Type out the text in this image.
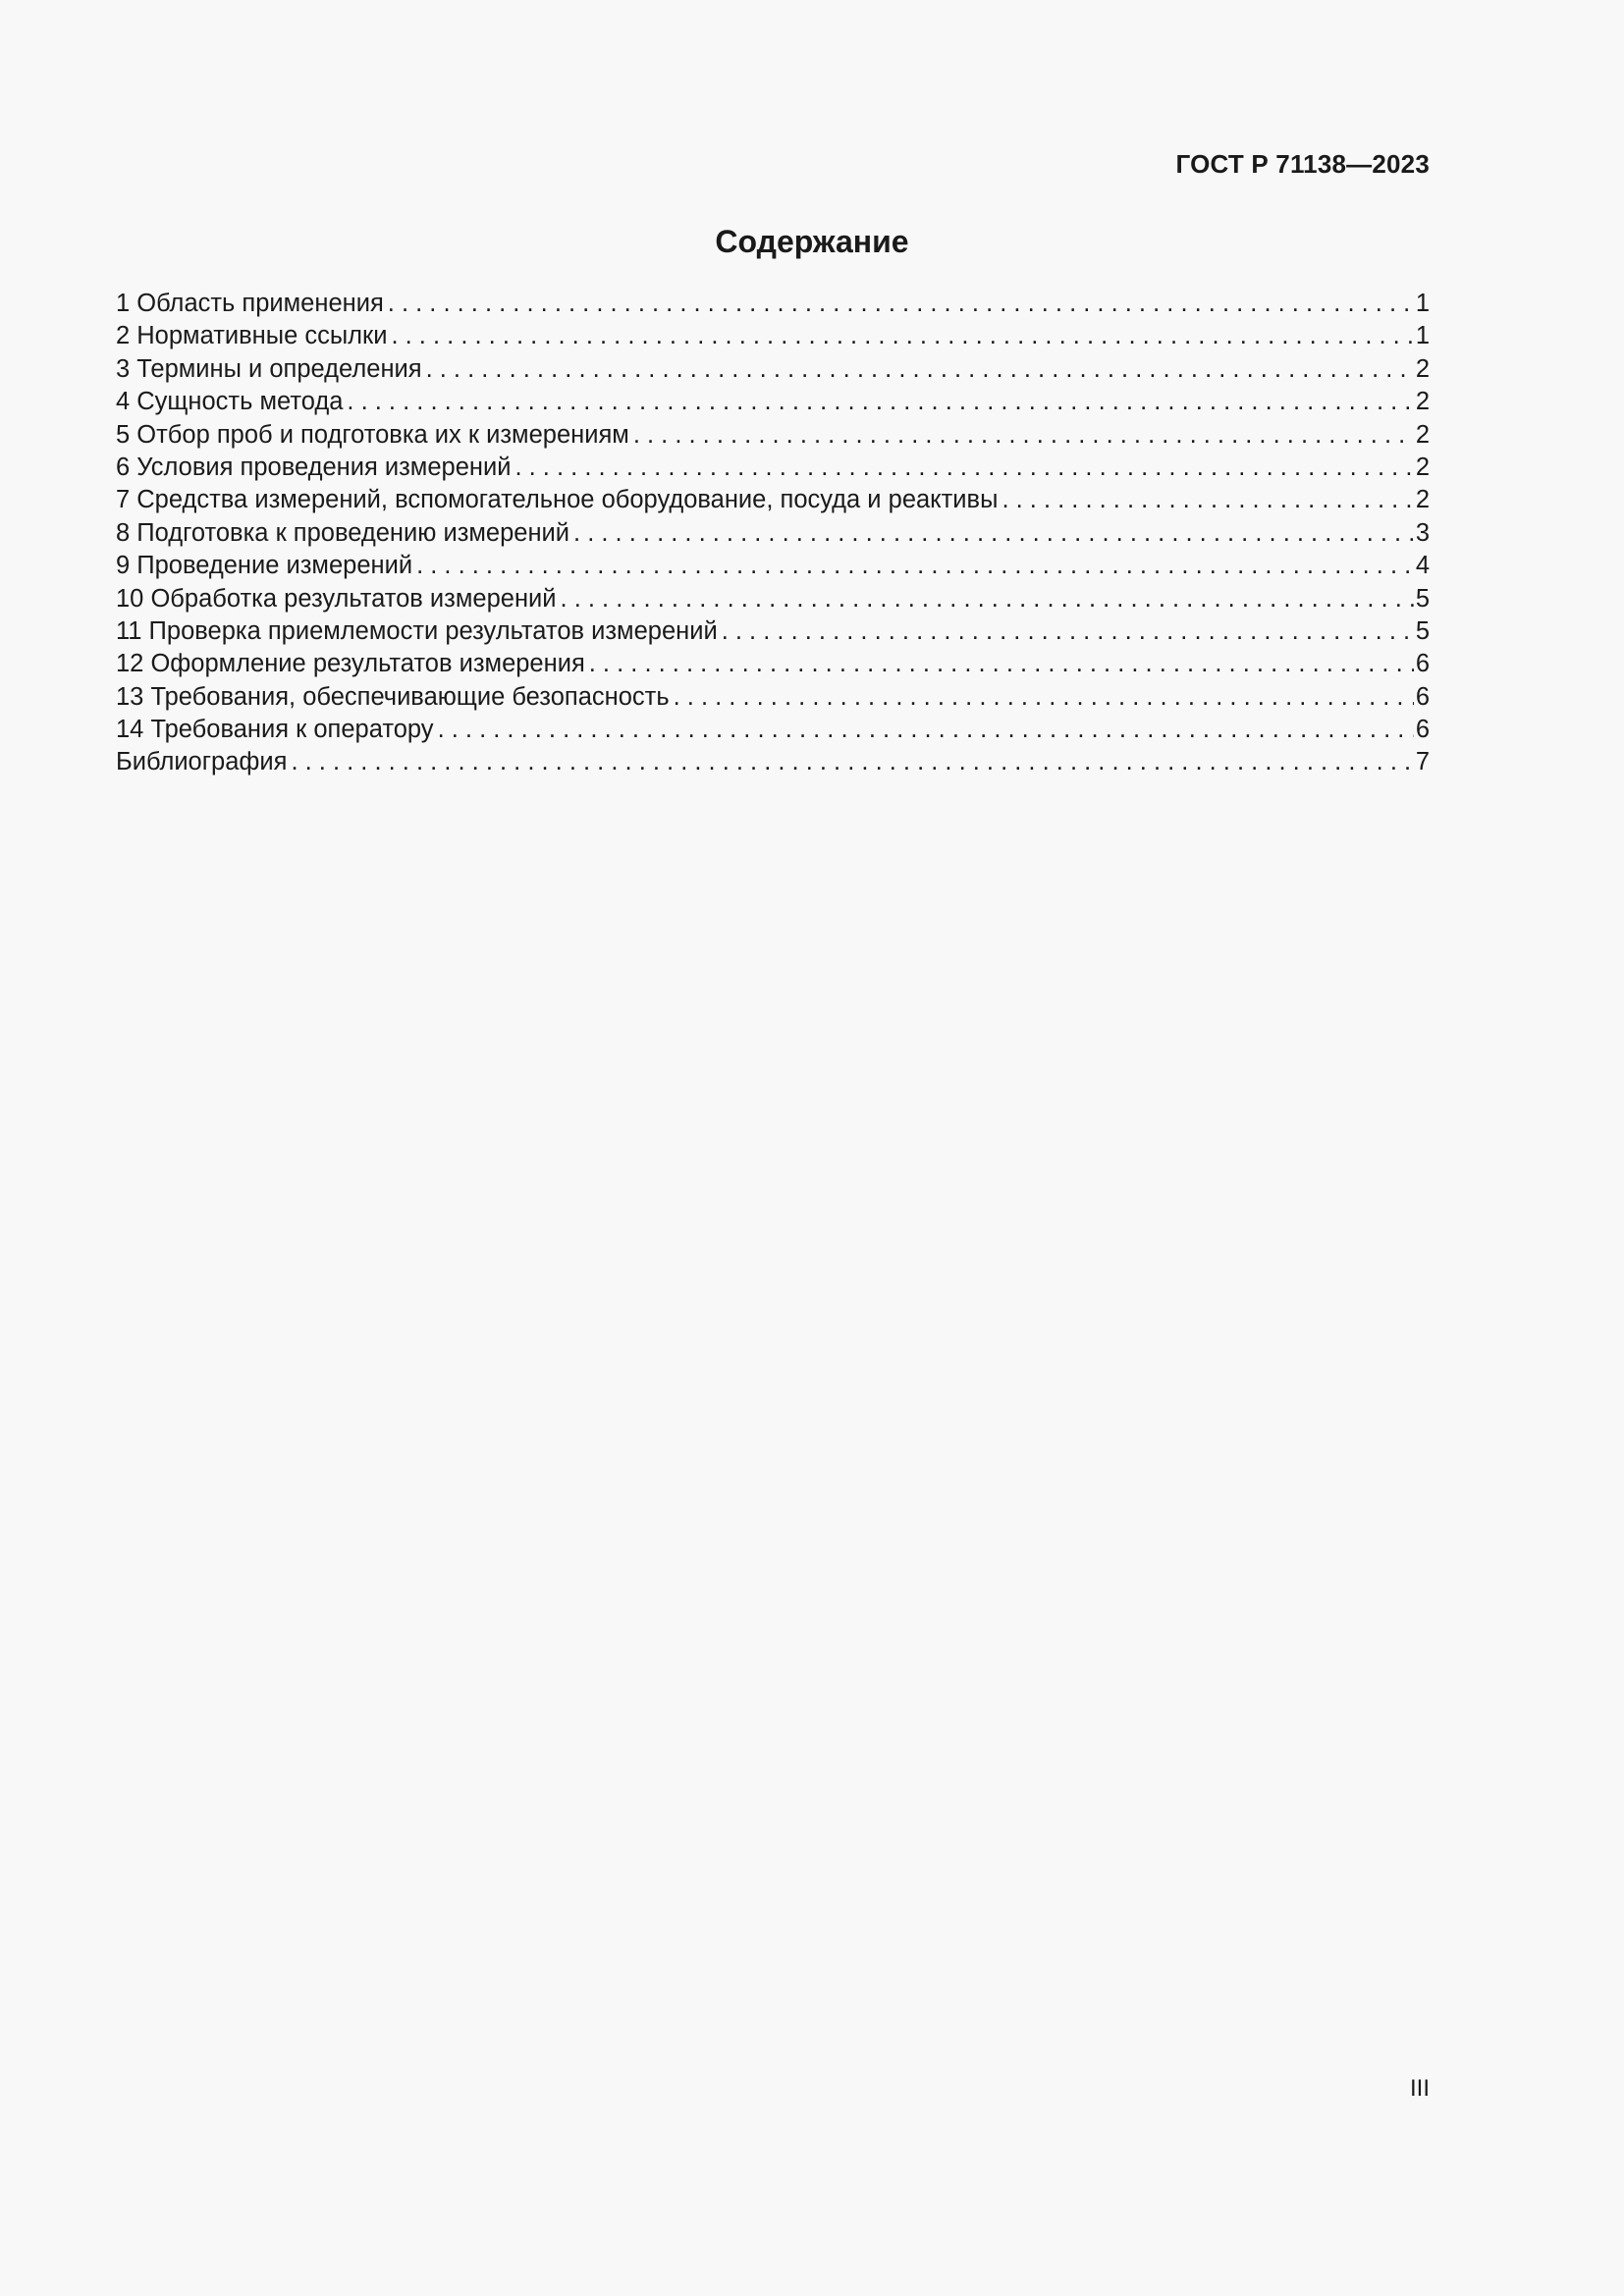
ГОСТ Р 71138—2023
Содержание
1 Область применения . . .	1
2 Нормативные ссылки . . .	1
3 Термины и определения . . .	2
4 Сущность метода . . .	2
5 Отбор проб и подготовка их к измерениям . . .	2
6 Условия проведения измерений . . .	2
7 Средства измерений, вспомогательное оборудование, посуда и реактивы . . .	2
8 Подготовка к проведению измерений . . .	3
9 Проведение измерений . . .	4
10 Обработка результатов измерений . . .	5
11 Проверка приемлемости результатов измерений . . .	5
12 Оформление результатов измерения . . .	6
13 Требования, обеспечивающие безопасность . . .	6
14 Требования к оператору . . .	6
Библиография . . .	7
III
